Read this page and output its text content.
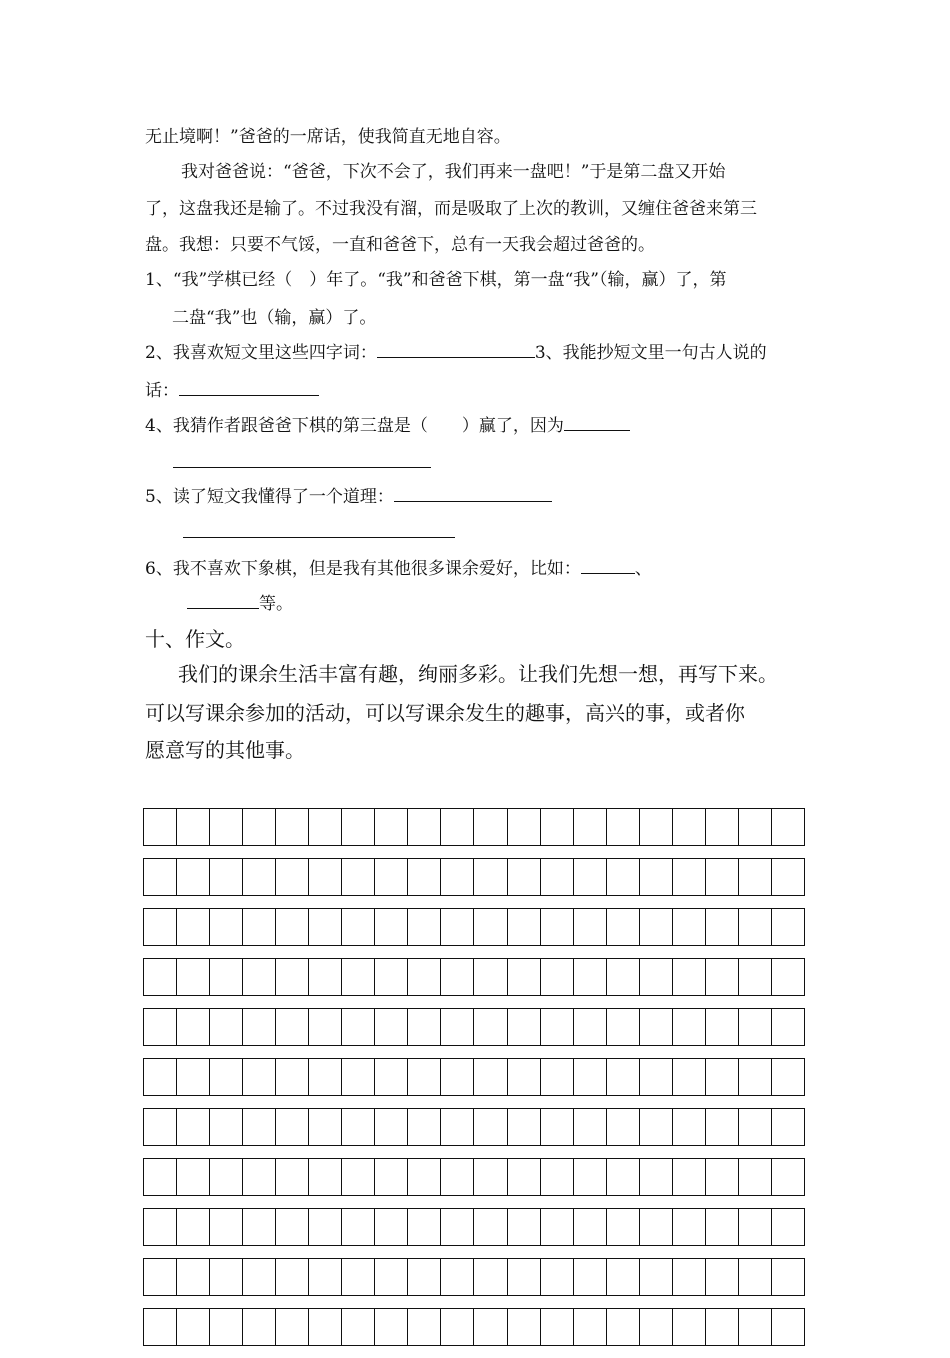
无止境啊！”爸爸的一席话，使我简直无地自容。
我对爸爸说：“爸爸，下次不会了，我们再来一盘吧！”于是第二盘又开始
了，这盘我还是输了。不过我没有溜，而是吸取了上次的教训，又缠住爸爸来第三
盘。我想：只要不气馁，一直和爸爸下，总有一天我会超过爸爸的。
1、“我”学棋已经（　）年了。“我”和爸爸下棋，第一盘“我”（输，赢）了，第
二盘“我”也（输，赢）了。
2、我喜欢短文里这些四字词：	3、我能抄短文里一句古人说的
话：
4、我猜作者跟爸爸下棋的第三盘是（　　）赢了，因为
5、读了短文我懂得了一个道理：
6、我不喜欢下象棋，但是我有其他很多课余爱好，比如：	、
等。
十、作文。
我们的课余生活丰富有趣，绚丽多彩。让我们先想一想，再写下来。
可以写课余参加的活动，可以写课余发生的趣事，高兴的事，或者你
愿意写的其他事。
